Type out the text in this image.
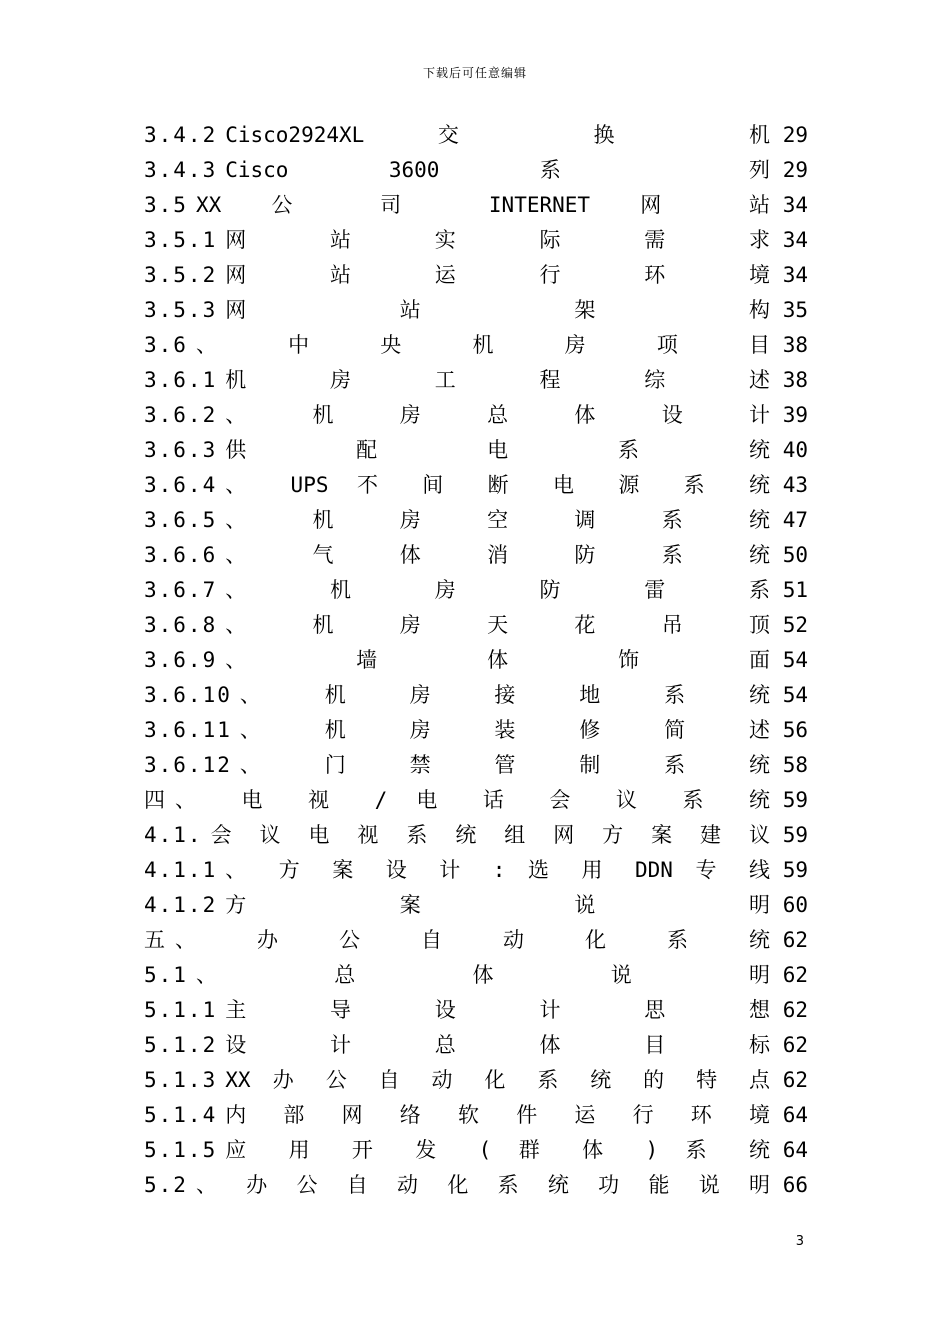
下载后可任意编辑
3.4.2 Cisco2924XL 交 换 机 29
3.4.3 Cisco 3600 系 列 29
3.5 XX 公 司 INTERNET 网 站 34
3.5.1 网 站 实 际 需 求 34
3.5.2 网 站 运 行 环 境 34
3.5.3 网 站 架 构 35
3.6 、 中 央 机 房 项 目 38
3.6.1 机 房 工 程 综 述 38
3.6.2 、 机 房 总 体 设 计 39
3.6.3 供 配 电 系 统 40
3.6.4 、 UPS 不 间 断 电 源 系 统 43
3.6.5 、 机 房 空 调 系 统 47
3.6.6 、 气 体 消 防 系 统 50
3.6.7 、 机 房 防 雷 系 51
3.6.8 、 机 房 天 花 吊 顶 52
3.6.9 、 墙 体 饰 面 54
3.6.10 、 机 房 接 地 系 统 54
3.6.11 、 机 房 装 修 简 述 56
3.6.12 、 门 禁 管 制 系 统 58
四 、 电 视 / 电 话 会 议 系 统 59
4.1. 会 议 电 视 系 统 组 网 方 案 建 议 59
4.1.1 、 方 案 设 计 : 选 用 DDN 专 线 59
4.1.2 方 案 说 明 60
五 、 办 公 自 动 化 系 统 62
5.1 、 总 体 说 明 62
5.1.1 主 导 设 计 思 想 62
5.1.2 设 计 总 体 目 标 62
5.1.3 XX 办 公 自 动 化 系 统 的 特 点 62
5.1.4 内 部 网 络 软 件 运 行 环 境 64
5.1.5 应 用 开 发 ( 群 体 ) 系 统 64
5.2 、 办 公 自 动 化 系 统 功 能 说 明 66
3
